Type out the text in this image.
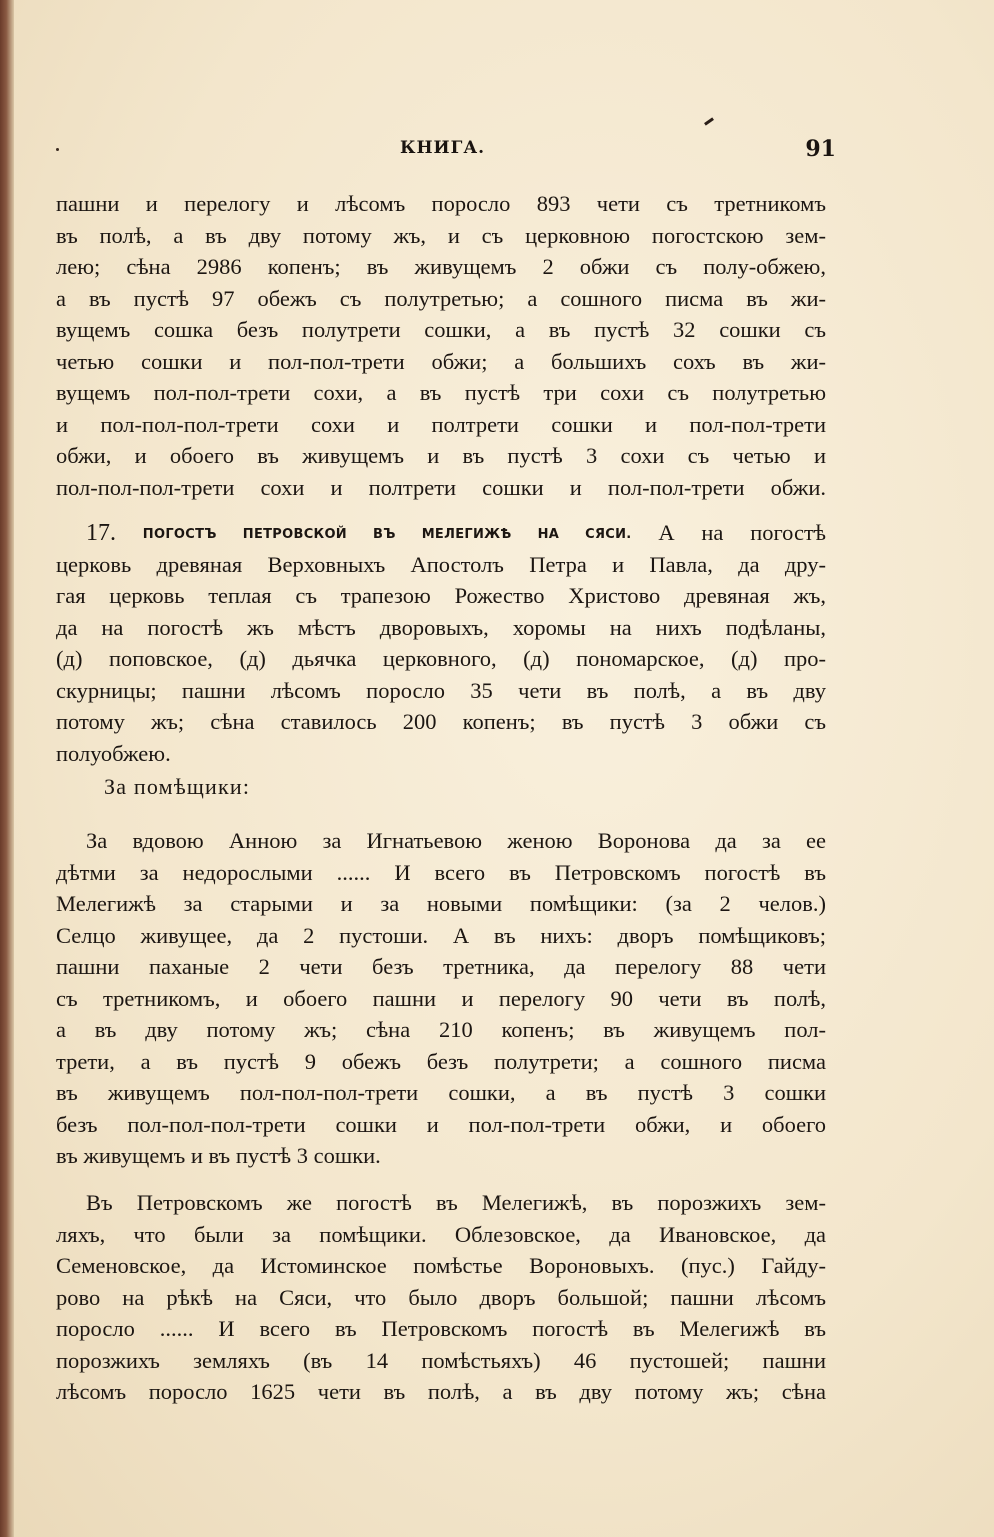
КНИГА.	91
пашни и перелогу и лѣсомъ поросло 893 чети съ третникомъ
въ полѣ, а въ дву потому жъ, и съ церковною погостскою зем-
лею; сѣна 2986 копенъ; въ живущемъ 2 обжи съ полу-обжею,
а въ пустѣ 97 обежъ съ полутретью; а сошного писма въ жи-
вущемъ сошка безъ полутрети сошки, а въ пустѣ 32 сошки съ
четью сошки и пол-пол-трети обжи; а большихъ сохъ въ жи-
вущемъ пол-пол-трети сохи, а въ пустѣ три сохи съ полутретью
и пол-пол-пол-трети сохи и полтрети сошки и пол-пол-трети
обжи, и обоего въ живущемъ и въ пустѣ 3 сохи съ четью и
пол-пол-пол-трети сохи и полтрети сошки и пол-пол-трети обжи.
17. ПОГОСТЪ ПЕТРОВСКОЙ ВЪ МЕЛЕГИЖѢ НА СЯСИ. А на погостѣ
церковь древяная Верховныхъ Апостолъ Петра и Павла, да дру-
гая церковь теплая съ трапезою Рожество Христово древяная жъ,
да на погостѣ жъ мѣстъ дворовыхъ, хоромы на нихъ подѣланы,
(д) поповское, (д) дьячка церковного, (д) пономарское, (д) про-
скурницы; пашни лѣсомъ поросло 35 чети въ полѣ, а въ дву
потому жъ; сѣна ставилось 200 копенъ; въ пустѣ 3 обжи съ
полуобжею.
За помѣщики:
За вдовою Анною за Игнатьевою женою Воронова да за ее
дѣтми за недорослыми ...... И всего въ Петровскомъ погостѣ въ
Мелегижѣ за старыми и за новыми помѣщики: (за 2 челов.)
Селцо живущее, да 2 пустоши. А въ нихъ: дворъ помѣщиковъ;
пашни паханые 2 чети безъ третника, да перелогу 88 чети
съ третникомъ, и обоего пашни и перелогу 90 чети въ полѣ,
а въ дву потому жъ; сѣна 210 копенъ; въ живущемъ пол-
трети, а въ пустѣ 9 обежъ безъ полутрети; а сошного писма
въ живущемъ пол-пол-пол-трети сошки, а въ пустѣ 3 сошки
безъ пол-пол-пол-трети сошки и пол-пол-трети обжи, и обоего
въ живущемъ и въ пустѣ 3 сошки.
Въ Петровскомъ же погостѣ въ Мелегижѣ, въ порозжихъ зем-
ляхъ, что были за помѣщики. Облезовское, да Ивановское, да
Семеновское, да Истоминское помѣстье Вороновыхъ. (пус.) Гайду-
рово на рѣкѣ на Сяси, что было дворъ большой; пашни лѣсомъ
поросло ...... И всего въ Петровскомъ погостѣ въ Мелегижѣ въ
порозжихъ земляхъ (въ 14 помѣстьяхъ) 46 пустошей; пашни
лѣсомъ поросло 1625 чети въ полѣ, а въ дву потому жъ; сѣна
